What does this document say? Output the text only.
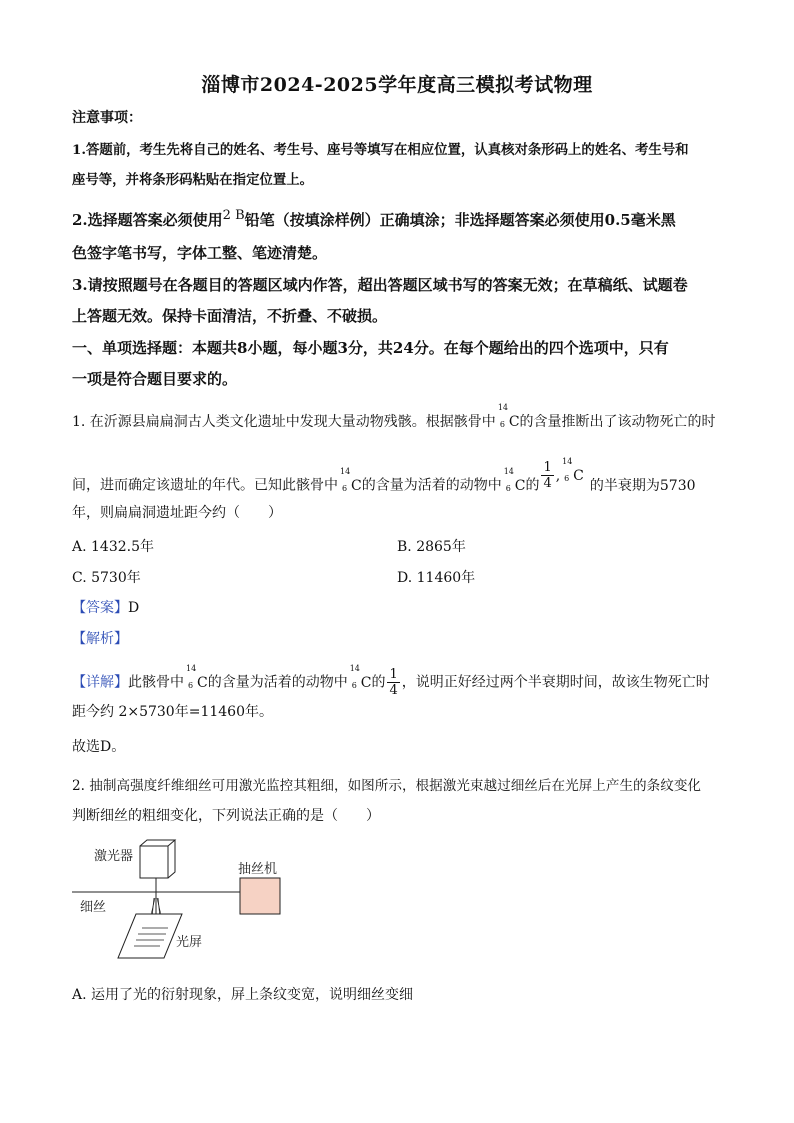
淄博市2024-2025学年度高三模拟考试物理
注意事项：
1.答题前，考生先将自己的姓名、考生号、座号等填写在相应位置，认真核对条形码上的姓名、考生号和
座号等，并将条形码粘贴在指定位置上。
2.选择题答案必须使用2 B铅笔（按填涂样例）正确填涂；非选择题答案必须使用0.5毫米黑
色签字笔书写，字体工整、笔迹清楚。
3.请按照题号在各题目的答题区域内作答，超出答题区域书写的答案无效；在草稿纸、试题卷
上答题无效。保持卡面清洁，不折叠、不破损。
一、单项选择题：本题共8小题，每小题3分，共24分。在每个题给出的四个选项中，只有
一项是符合题目要求的。
1. 在沂源县扁扁洞古人类文化遗址中发现大量动物残骸。根据骸骨中
14
6 C的含量推断出了该动物死亡的时
间，进而确定该遗址的年代。已知此骸骨中
14
6 C的含量为活着的动物中
14
6 C的 $\frac{1}{4}$ ,
14
6 C的半衰期为5730
年，则扁扁洞遗址距今约（　　）
A. 1432.5年	B. 2865年
C. 5730年	D. 11460年
【答案】D
【解析】
【详解】此骸骨中
14
6 C的含量为活着的动物中
14
6 C的 $\frac{1}{4}$ ，说明正好经过两个半衰期时间，故该生物死亡时
距今约 2×5730年=11460年。
故选D。
2. 抽制高强度纤维细丝可用激光监控其粗细，如图所示，根据激光束越过细丝后在光屏上产生的条纹变化
判断细丝的粗细变化，下列说法正确的是（　　）
激光器
细丝
抽丝机
光屏
A. 运用了光的衍射现象，屏上条纹变宽，说明细丝变细
